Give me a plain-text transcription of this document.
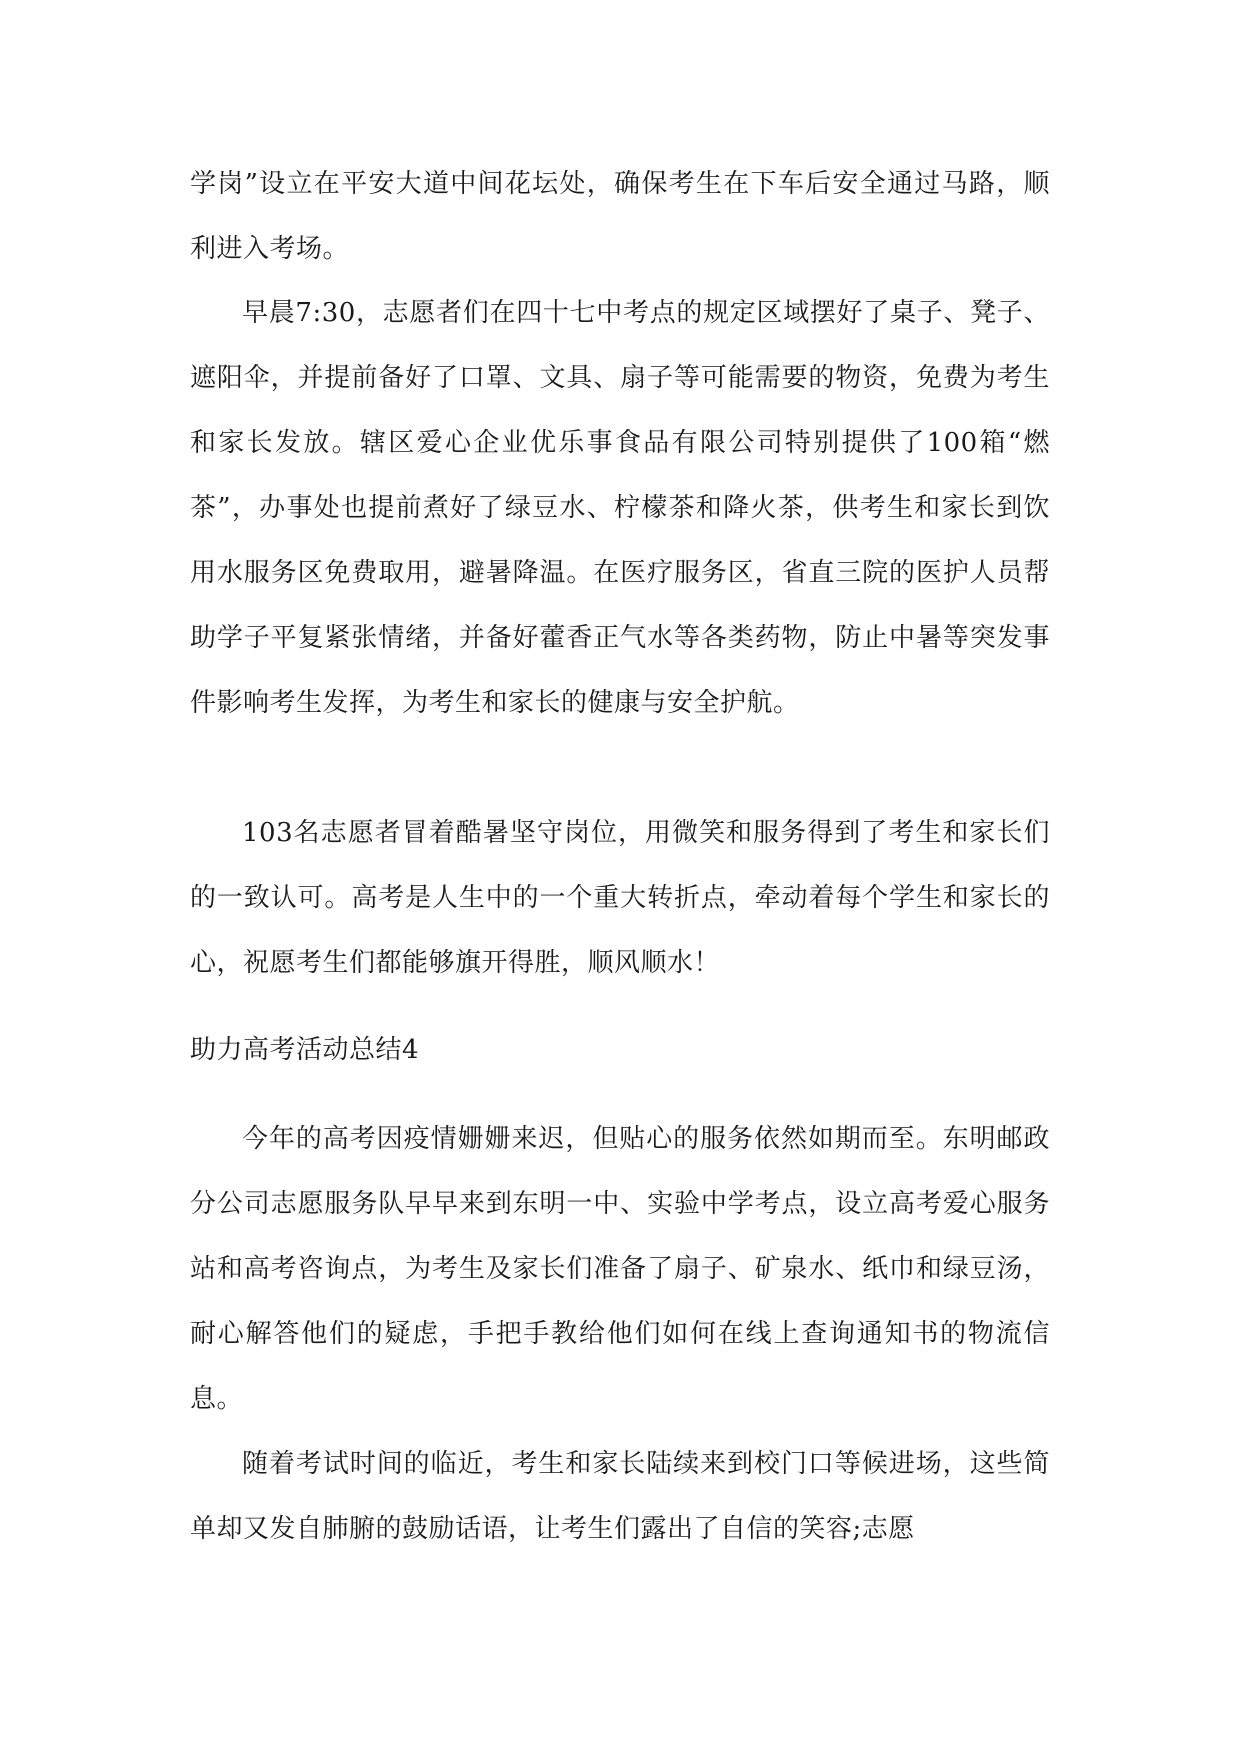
学岗”设立在平安大道中间花坛处，确保考生在下车后安全通过马路，顺利进入考场。

早晨7:30，志愿者们在四十七中考点的规定区域摆好了桌子、凳子、遮阳伞，并提前备好了口罩、文具、扇子等可能需要的物资，免费为考生和家长发放。辖区爱心企业优乐事食品有限公司特别提供了100箱“燃茶”，办事处也提前煮好了绿豆水、柠檬茶和降火茶，供考生和家长到饮用水服务区免费取用，避暑降温。在医疗服务区，省直三院的医护人员帮助学子平复紧张情绪，并备好藿香正气水等各类药物，防止中暑等突发事件影响考生发挥，为考生和家长的健康与安全护航。

103名志愿者冒着酷暑坚守岗位，用微笑和服务得到了考生和家长们的一致认可。高考是人生中的一个重大转折点，牵动着每个学生和家长的心，祝愿考生们都能够旗开得胜，顺风顺水！

助力高考活动总结4

今年的高考因疫情姗姗来迟，但贴心的服务依然如期而至。东明邮政分公司志愿服务队早早来到东明一中、实验中学考点，设立高考爱心服务站和高考咨询点，为考生及家长们准备了扇子、矿泉水、纸巾和绿豆汤，耐心解答他们的疑虑，手把手教给他们如何在线上查询通知书的物流信息。

随着考试时间的临近，考生和家长陆续来到校门口等候进场，这些简单却又发自肺腑的鼓励话语，让考生们露出了自信的笑容;志愿
